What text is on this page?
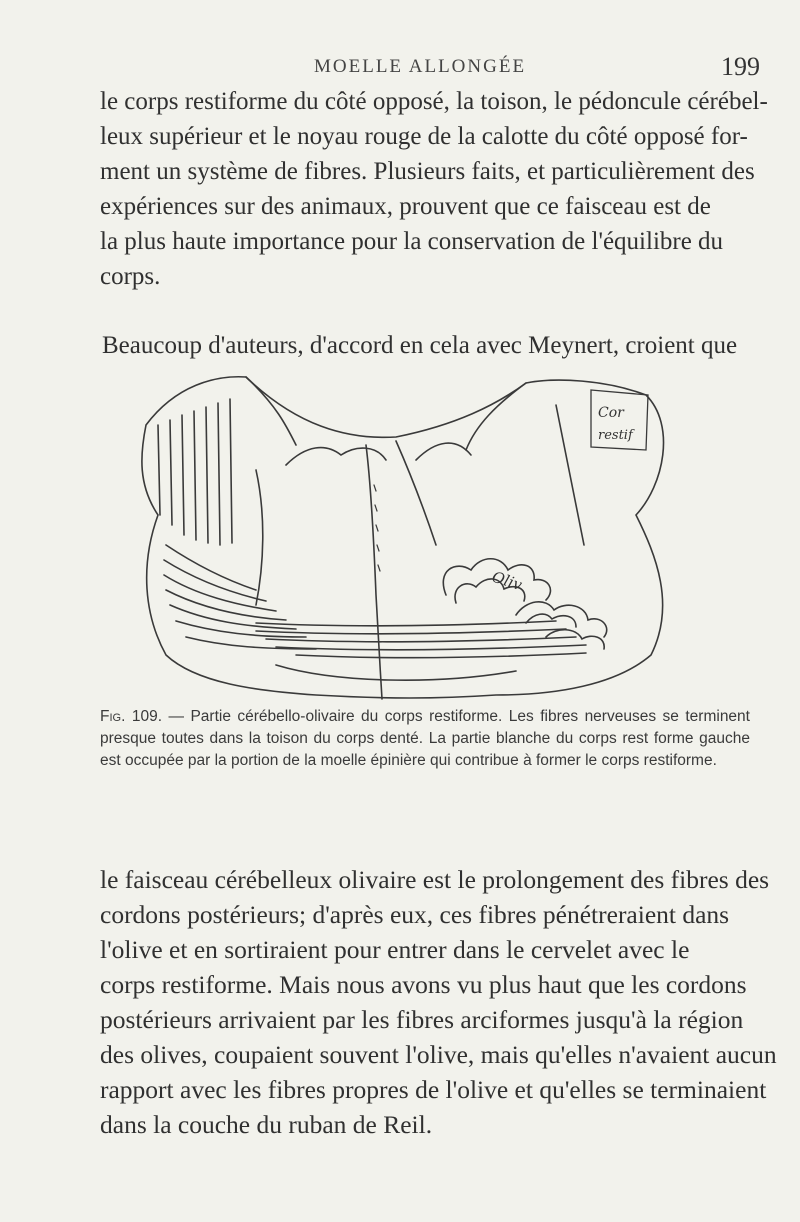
MOELLE ALLONGÉE	199

le corps restiforme du côté opposé, la toison, le pédoncule cérébel-
leux supérieur et le noyau rouge de la calotte du côté opposé for-
ment un système de fibres. Plusieurs faits, et particulièrement des
expériences sur des animaux, prouvent que ce faisceau est de
la plus haute importance pour la conservation de l'équilibre du
corps.

Beaucoup d'auteurs, d'accord en cela avec Meynert, croient que

Cor
restif
Oliv
Fig. 109. — Partie cérébello-olivaire du corps restiforme. Les fibres nerveuses se terminent presque toutes dans la toison du corps denté. La partie blanche du corps rest forme gauche est occupée par la portion de la moelle épinière qui contribue à former le corps restiforme.

le faisceau cérébelleux olivaire est le prolongement des fibres des
cordons postérieurs; d'après eux, ces fibres pénétreraient dans
l'olive et en sortiraient pour entrer dans le cervelet avec le
corps restiforme. Mais nous avons vu plus haut que les cordons
postérieurs arrivaient par les fibres arciformes jusqu'à la région
des olives, coupaient souvent l'olive, mais qu'elles n'avaient aucun
rapport avec les fibres propres de l'olive et qu'elles se terminaient
dans la couche du ruban de Reil.
